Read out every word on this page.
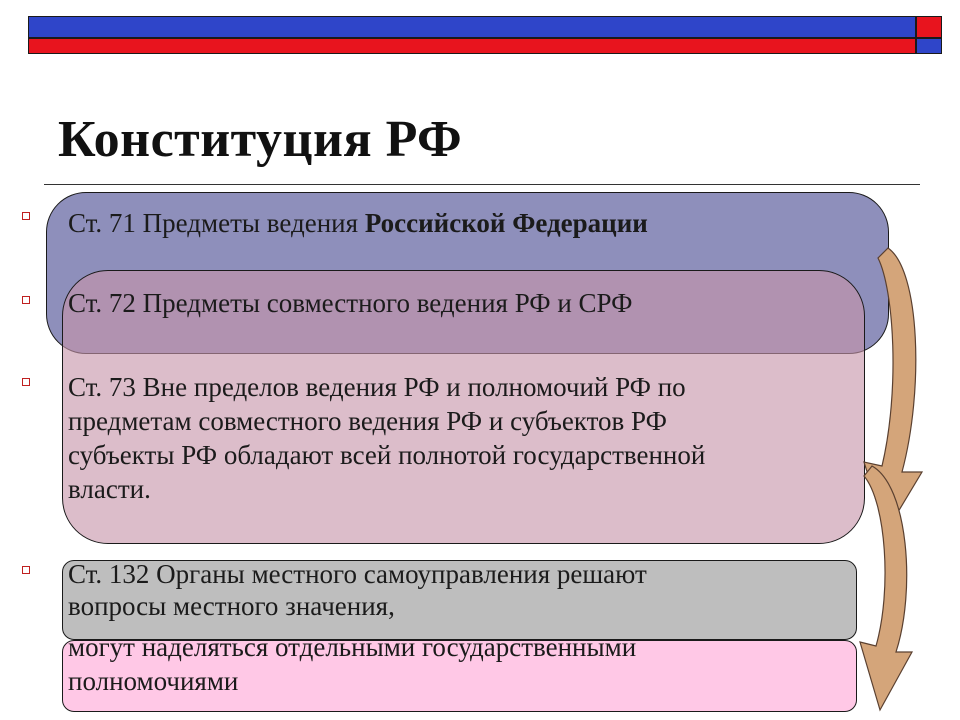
Конституция РФ

Ст. 71 Предметы ведения Российской Федерации

Ст. 72 Предметы совместного ведения РФ и СРФ

Ст. 73 Вне пределов ведения РФ и полномочий РФ по
предметам совместного ведения РФ и субъектов РФ
субъекты РФ обладают всей полнотой государственной
власти.

Ст. 132 Органы местного самоуправления решают
вопросы местного значения,

могут наделяться отдельными государственными
полномочиями
